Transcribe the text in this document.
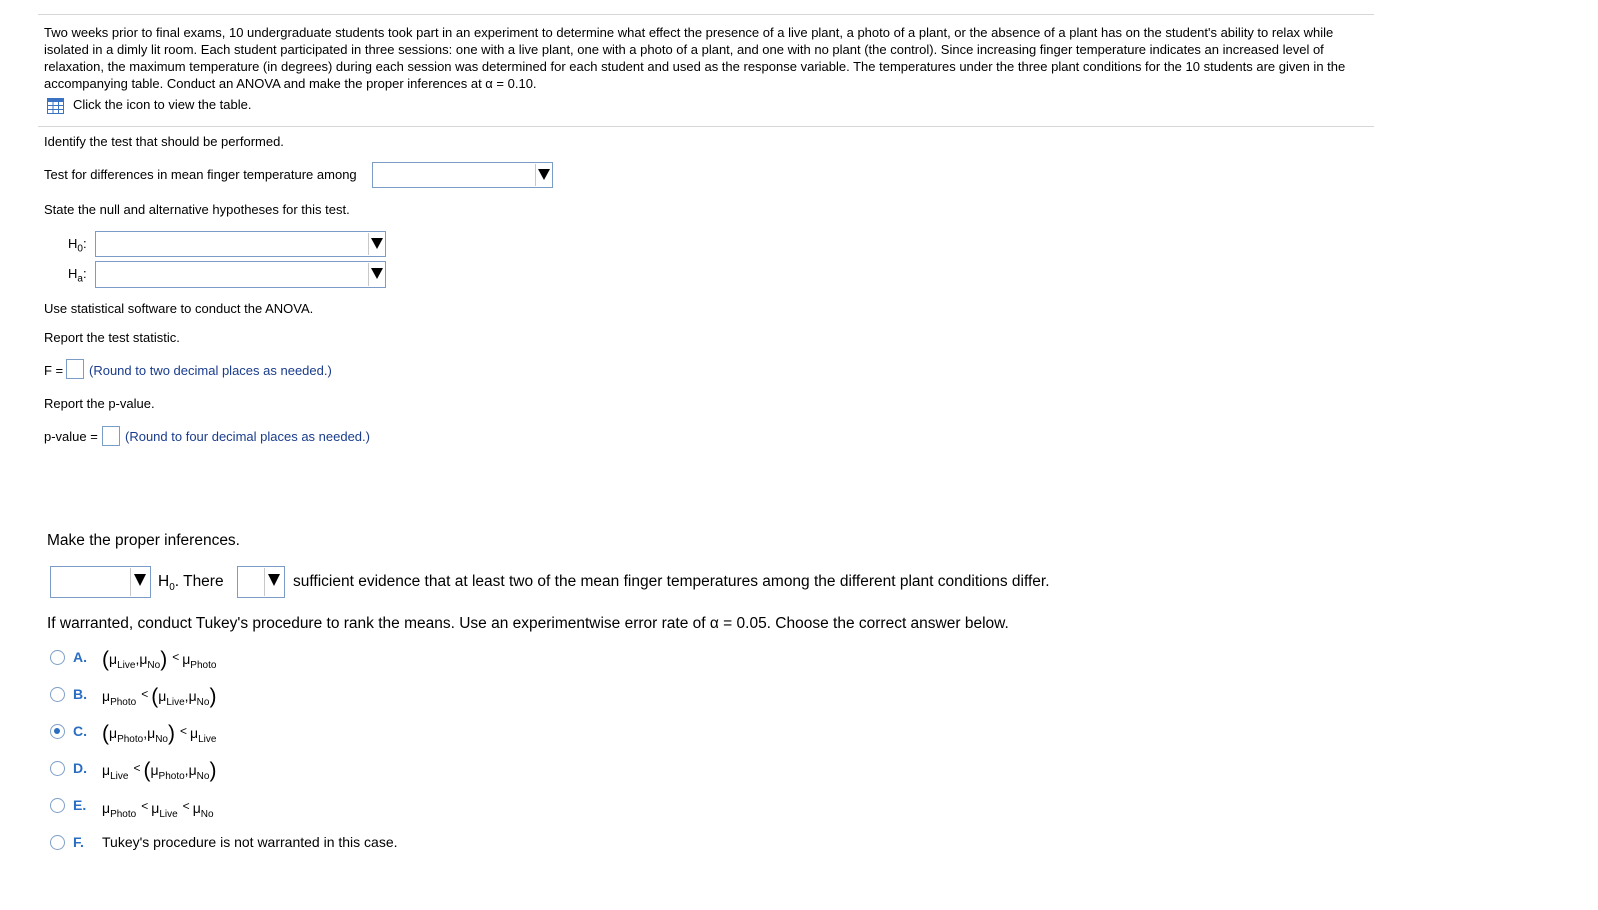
Two weeks prior to final exams, 10 undergraduate students took part in an experiment to determine what effect the presence of a live plant, a photo of a plant, or the absence of a plant has on the student's ability to relax while isolated in a dimly lit room. Each student participated in three sessions: one with a live plant, one with a photo of a plant, and one with no plant (the control). Since increasing finger temperature indicates an increased level of relaxation, the maximum temperature (in degrees) during each session was determined for each student and used as the response variable. The temperatures under the three plant conditions for the 10 students are given in the accompanying table. Conduct an ANOVA and make the proper inferences at α = 0.10.
Click the icon to view the table.
Identify the test that should be performed.
Test for differences in mean finger temperature among
State the null and alternative hypotheses for this test.
$H_0$:
$H_a$:
Use statistical software to conduct the ANOVA.
Report the test statistic.
F = (Round to two decimal places as needed.)
Report the p-value.
p-value = (Round to four decimal places as needed.)
Make the proper inferences.
$H_0$. There	sufficient evidence that at least two of the mean finger temperatures among the different plant conditions differ.
If warranted, conduct Tukey's procedure to rank the means. Use an experimentwise error rate of α = 0.05. Choose the correct answer below.
A. $(\mu_{Live},\mu_{No}) < \mu_{Photo}$
B. $\mu_{Photo}< (\mu_{Live},\mu_{No})$
C. $(\mu_{Photo},\mu_{No}) < \mu_{Live}$
D. $\mu_{Live}< (\mu_{Photo},\mu_{No})$
E. $\mu_{Photo}< \mu_{Live}< \mu_{No}$
F. Tukey's procedure is not warranted in this case.
